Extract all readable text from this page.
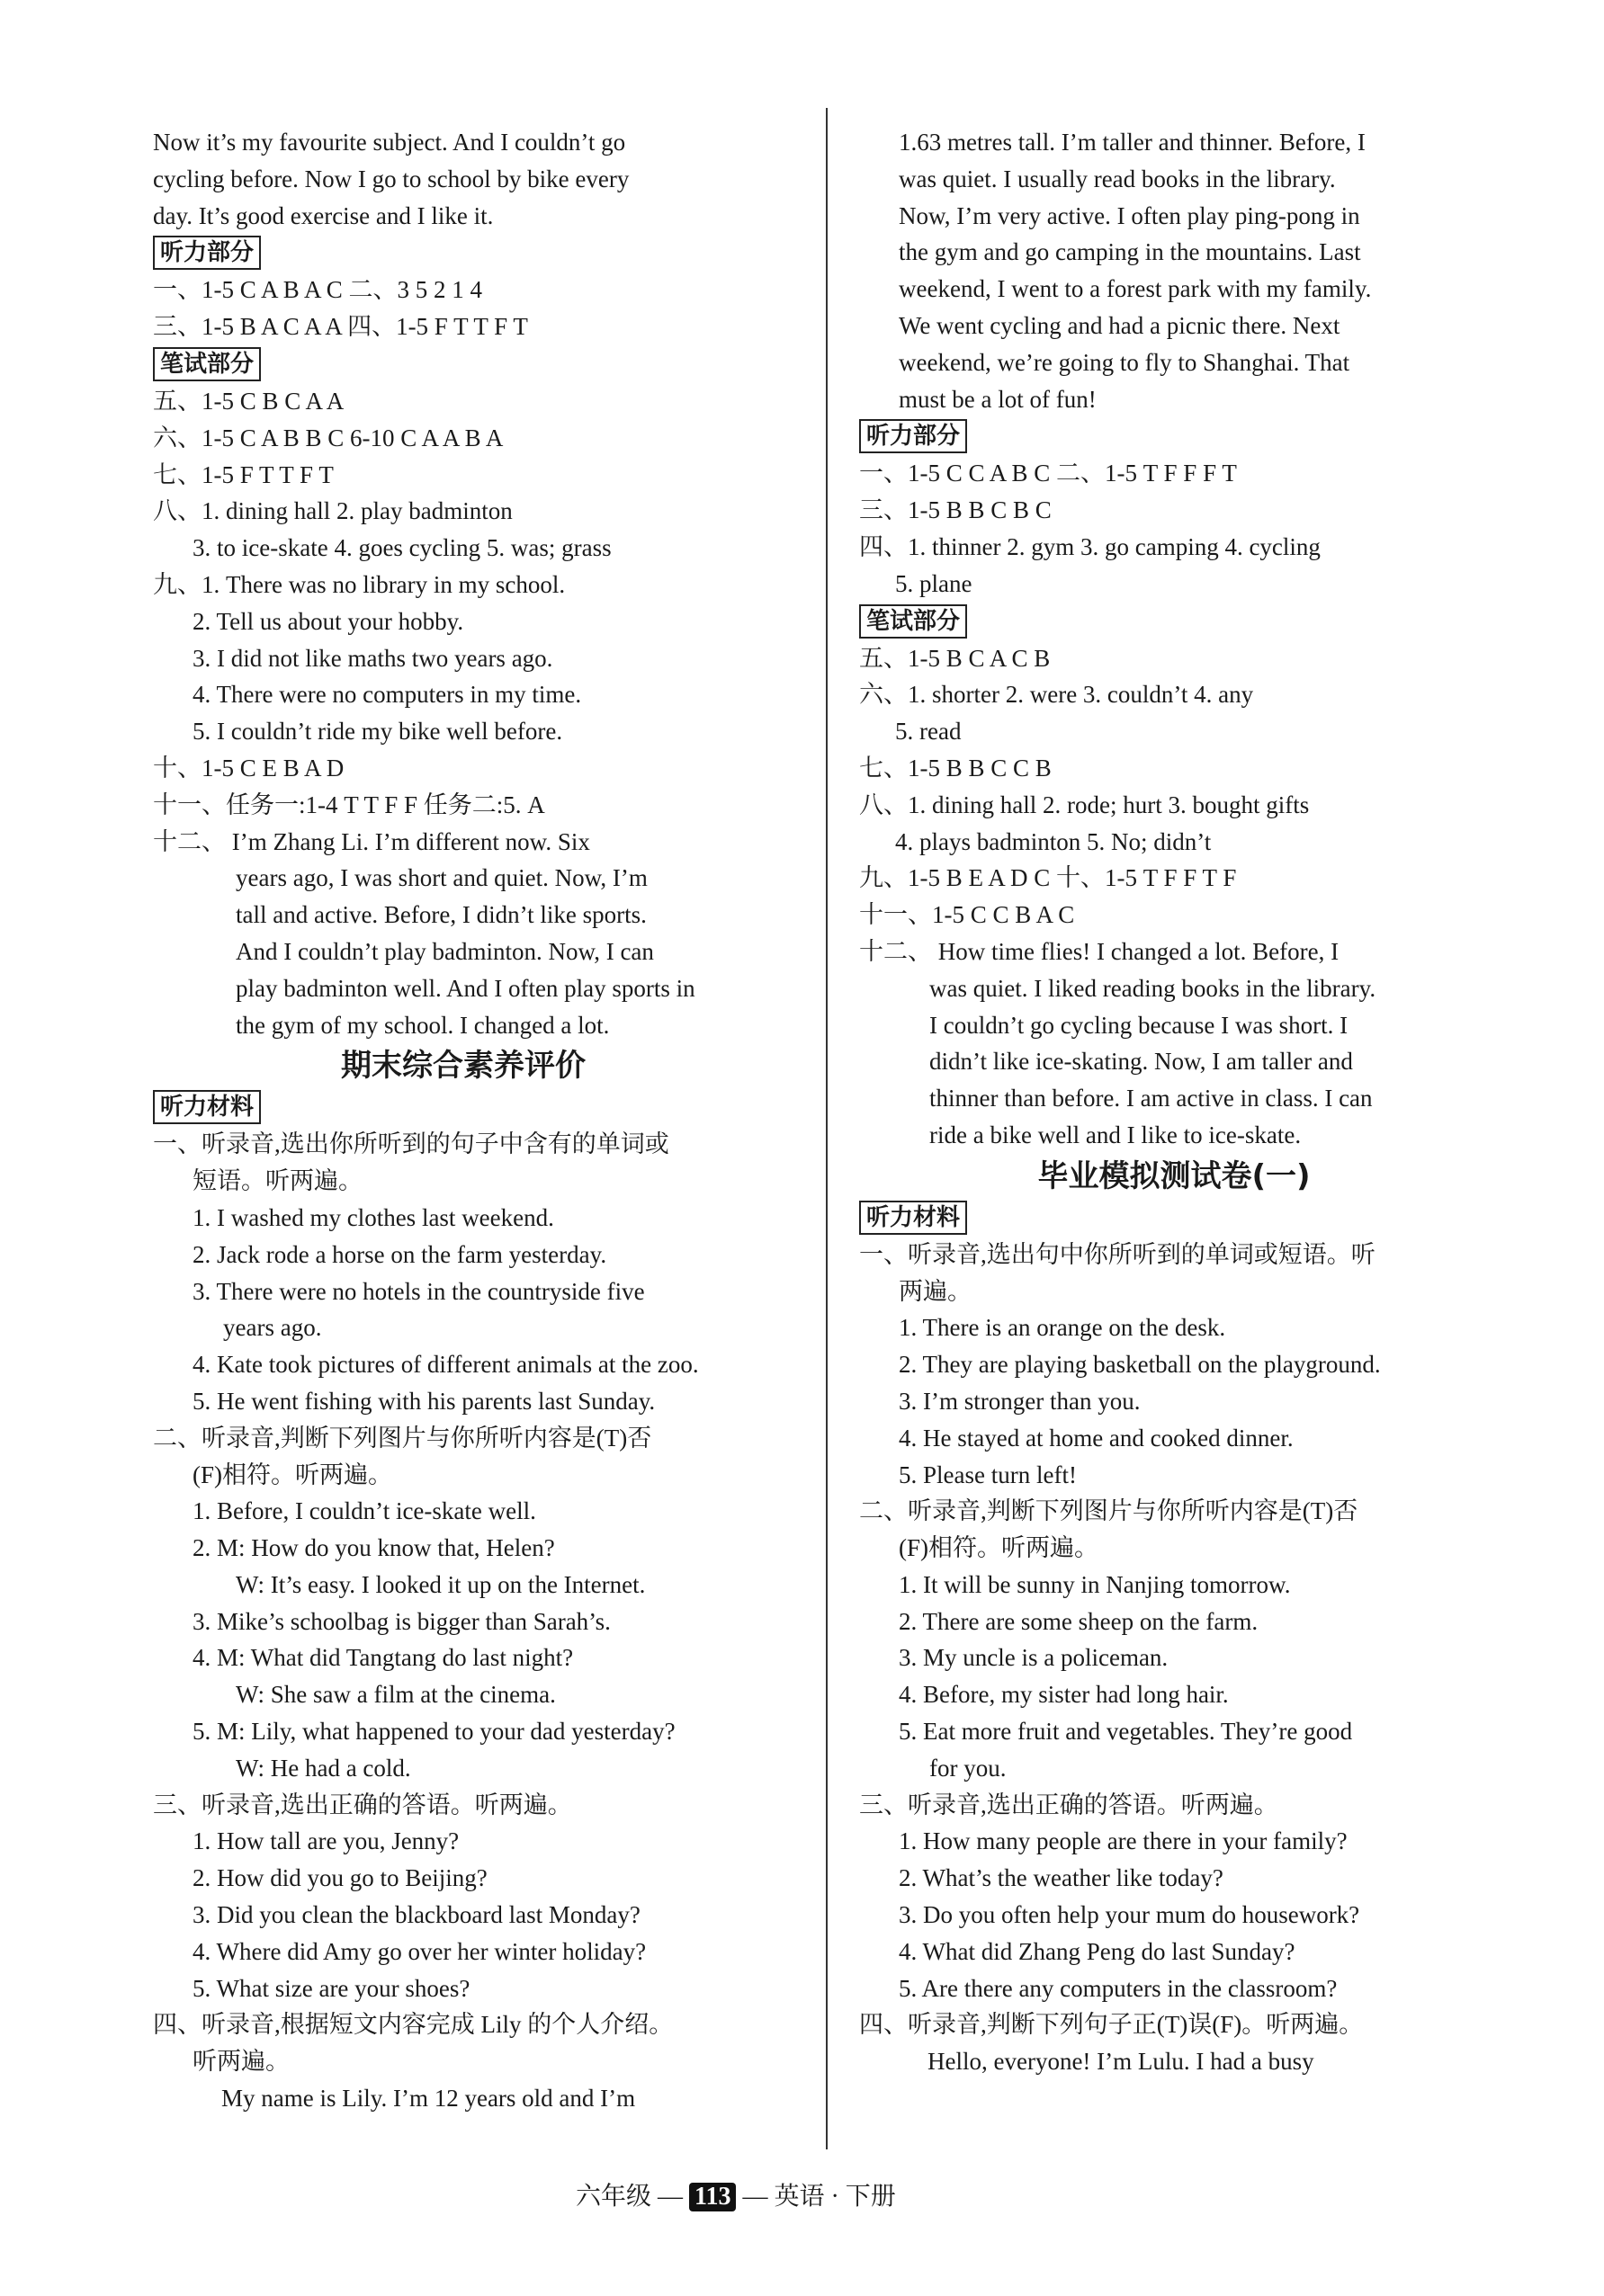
Now it’s my favourite subject. And I couldn’t go
cycling before. Now I go to school by bike every
day. It’s good exercise and I like it.
听力部分
一、1-5 C A B A C 二、3 5 2 1 4
三、1-5 B A C A A 四、1-5 F T T F T
笔试部分
五、1-5 C B C A A
六、1-5 C A B B C 6-10 C A A B A
七、1-5 F T T F T
八、1. dining hall 2. play badminton
3. to ice-skate 4. goes cycling 5. was; grass
九、1. There was no library in my school.
2. Tell us about your hobby.
3. I did not like maths two years ago.
4. There were no computers in my time.
5. I couldn’t ride my bike well before.
十、1-5 C E B A D
十一、任务一:1-4 T T F F 任务二:5. A
十二、 I’m Zhang Li. I’m different now. Six
years ago, I was short and quiet. Now, I’m
tall and active. Before, I didn’t like sports.
And I couldn’t play badminton. Now, I can
play badminton well. And I often play sports in
the gym of my school. I changed a lot.
期末综合素养评价
听力材料
一、听录音,选出你所听到的句子中含有的单词或
短语。听两遍。
1. I washed my clothes last weekend.
2. Jack rode a horse on the farm yesterday.
3. There were no hotels in the countryside five
years ago.
4. Kate took pictures of different animals at the zoo.
5. He went fishing with his parents last Sunday.
二、听录音,判断下列图片与你所听内容是(T)否
(F)相符。听两遍。
1. Before, I couldn’t ice-skate well.
2. M: How do you know that, Helen?
W: It’s easy. I looked it up on the Internet.
3. Mike’s schoolbag is bigger than Sarah’s.
4. M: What did Tangtang do last night?
W: She saw a film at the cinema.
5. M: Lily, what happened to your dad yesterday?
W: He had a cold.
三、听录音,选出正确的答语。听两遍。
1. How tall are you, Jenny?
2. How did you go to Beijing?
3. Did you clean the blackboard last Monday?
4. Where did Amy go over her winter holiday?
5. What size are your shoes?
四、听录音,根据短文内容完成 Lily 的个人介绍。
听两遍。
My name is Lily. I’m 12 years old and I’m
1.63 metres tall. I’m taller and thinner. Before, I
was quiet. I usually read books in the library.
Now, I’m very active. I often play ping-pong in
the gym and go camping in the mountains. Last
weekend, I went to a forest park with my family.
We went cycling and had a picnic there. Next
weekend, we’re going to fly to Shanghai. That
must be a lot of fun!
听力部分
一、1-5 C C A B C 二、1-5 T F F F T
三、1-5 B B C B C
四、1. thinner 2. gym 3. go camping 4. cycling
5. plane
笔试部分
五、1-5 B C A C B
六、1. shorter 2. were 3. couldn’t 4. any
5. read
七、1-5 B B C C B
八、1. dining hall 2. rode; hurt 3. bought gifts
4. plays badminton 5. No; didn’t
九、1-5 B E A D C 十、1-5 T F F T F
十一、1-5 C C B A C
十二、 How time flies! I changed a lot. Before, I
was quiet. I liked reading books in the library.
I couldn’t go cycling because I was short. I
didn’t like ice-skating. Now, I am taller and
thinner than before. I am active in class. I can
ride a bike well and I like to ice-skate.
毕业模拟测试卷(一)
听力材料
一、听录音,选出句中你所听到的单词或短语。听
两遍。
1. There is an orange on the desk.
2. They are playing basketball on the playground.
3. I’m stronger than you.
4. He stayed at home and cooked dinner.
5. Please turn left!
二、听录音,判断下列图片与你所听内容是(T)否
(F)相符。听两遍。
1. It will be sunny in Nanjing tomorrow.
2. There are some sheep on the farm.
3. My uncle is a policeman.
4. Before, my sister had long hair.
5. Eat more fruit and vegetables. They’re good
for you.
三、听录音,选出正确的答语。听两遍。
1. How many people are there in your family?
2. What’s the weather like today?
3. Do you often help your mum do housework?
4. What did Zhang Peng do last Sunday?
5. Are there any computers in the classroom?
四、听录音,判断下列句子正(T)误(F)。听两遍。
Hello, everyone! I’m Lulu. I had a busy
六年级 — 113 — 英语 · 下册
